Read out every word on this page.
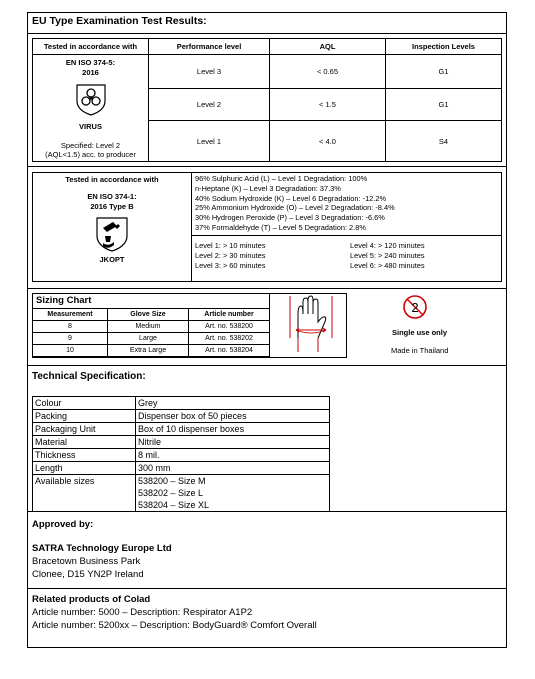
EU Type Examination Test Results:
Tested in accordance with	Performance level	AQL	Inspection Levels

EN ISO 374-5:
2016
VIRUS
Specified: Level 2
(AQL<1.5) acc. to producer	Level 3	< 0.65	G1
	Level 2	< 1.5	G1
	Level 1	< 4.0	S4
Tested in accordance with
EN ISO 374-1:
2016 Type B
JKOPT
96% Sulphuric Acid (L) – Level 1 Degradation: 100%
n-Heptane (K) – Level 3 Degradation: 37.3%
40% Sodium Hydroxide (K) – Level 6 Degradation: -12.2%
25% Ammonium Hydroxide (O) – Level 2 Degradation: -8.4%
30% Hydrogen Peroxide (P) – Level 3 Degradation: -6.6%
37% Formaldehyde (T) – Level 5 Degradation: 2.8%
Level 1: > 10 minutes
Level 2: > 30 minutes
Level 3: > 60 minutes
Level 4: > 120 minutes
Level 5: > 240 minutes
Level 6: > 480 minutes
Sizing Chart
Measurement	Glove Size	Article number
8	Medium	Art. no. 538200
9	Large	Art. no. 538202
10	Extra Large	Art. no. 538204
2
Single use only
Made in Thailand
Technical Specification:
Colour	Grey
Packing	Dispenser box of 50 pieces
Packaging Unit	Box of 10 dispenser boxes
Material	Nitrile
Thickness	8 mil.
Length	300 mm
Available sizes	538200 – Size M
538202 – Size L
538204 – Size XL
Approved by:
SATRA Technology Europe Ltd
Bracetown Business Park
Clonee, D15 YN2P Ireland
Related products of Colad
Article number: 5000 – Description: Respirator A1P2
Article number: 5200xx – Description: BodyGuard® Comfort Overall
